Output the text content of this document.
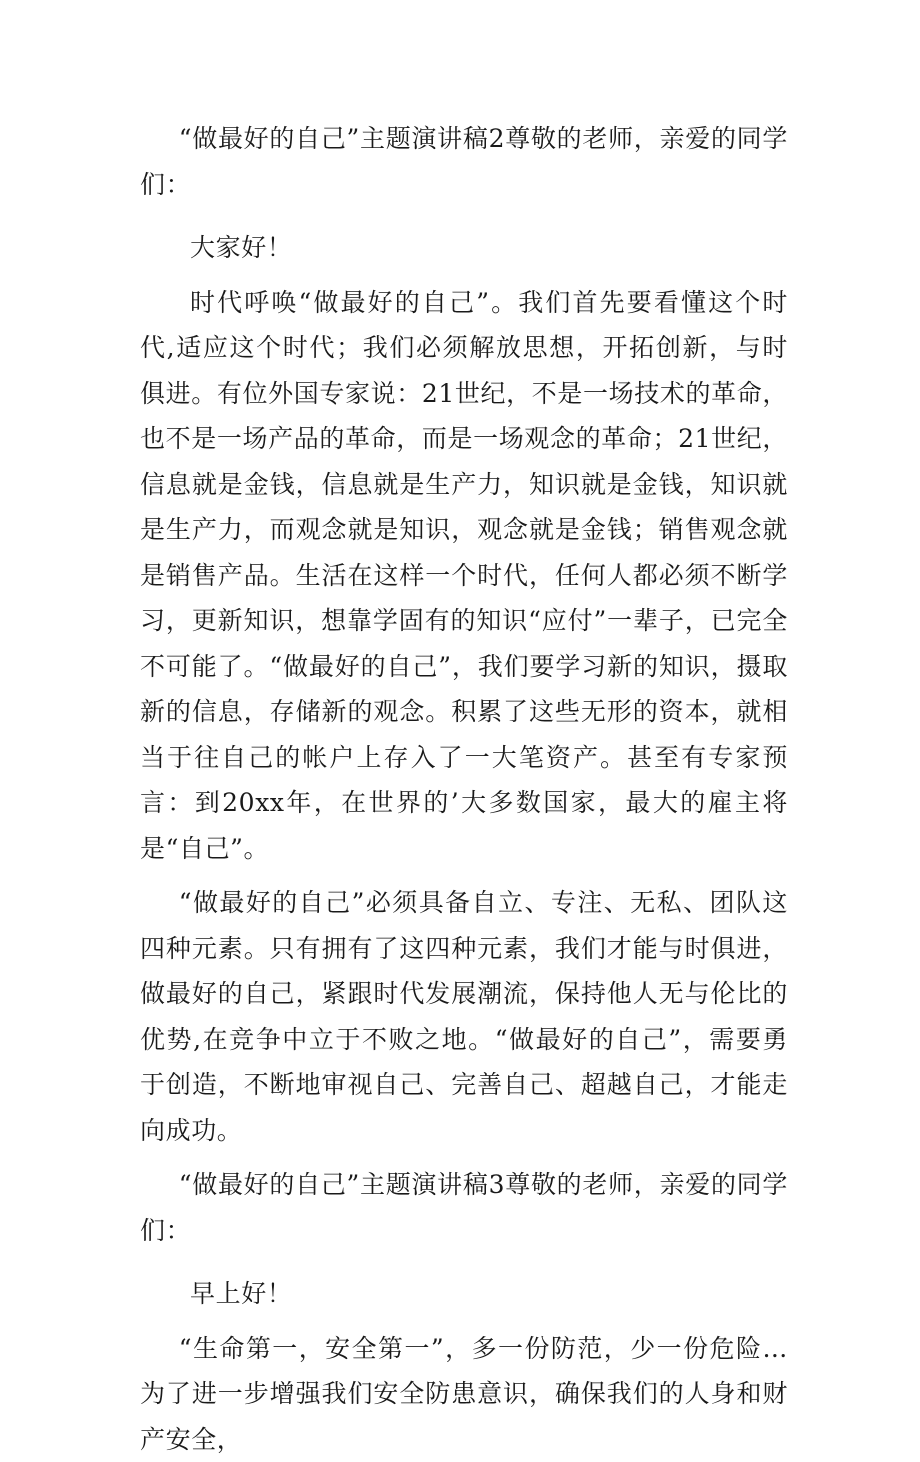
“做最好的自己”主题演讲稿2尊敬的老师，亲爱的同学们：

大家好！

时代呼唤“做最好的自己”。我们首先要看懂这个时代,适应这个时代；我们必须解放思想，开拓创新，与时俱进。有位外国专家说：21世纪，不是一场技术的革命，也不是一场产品的革命，而是一场观念的革命；21世纪，信息就是金钱，信息就是生产力，知识就是金钱，知识就是生产力，而观念就是知识，观念就是金钱；销售观念就是销售产品。生活在这样一个时代，任何人都必须不断学习，更新知识，想靠学固有的知识“应付”一辈子，已完全不可能了。“做最好的自己”，我们要学习新的知识，摄取新的信息，存储新的观念。积累了这些无形的资本，就相当于往自己的帐户上存入了一大笔资产。甚至有专家预言：到20xx年，在世界的’大多数国家，最大的雇主将是“自己”。

“做最好的自己”必须具备自立、专注、无私、团队这四种元素。只有拥有了这四种元素，我们才能与时俱进，做最好的自己，紧跟时代发展潮流，保持他人无与伦比的优势,在竞争中立于不败之地。“做最好的自己”，需要勇于创造，不断地审视自己、完善自己、超越自己，才能走向成功。

“做最好的自己”主题演讲稿3尊敬的老师，亲爱的同学们：

早上好！

“生命第一，安全第一”，多一份防范，少一份危险…为了进一步增强我们安全防患意识，确保我们的人身和财产安全，
